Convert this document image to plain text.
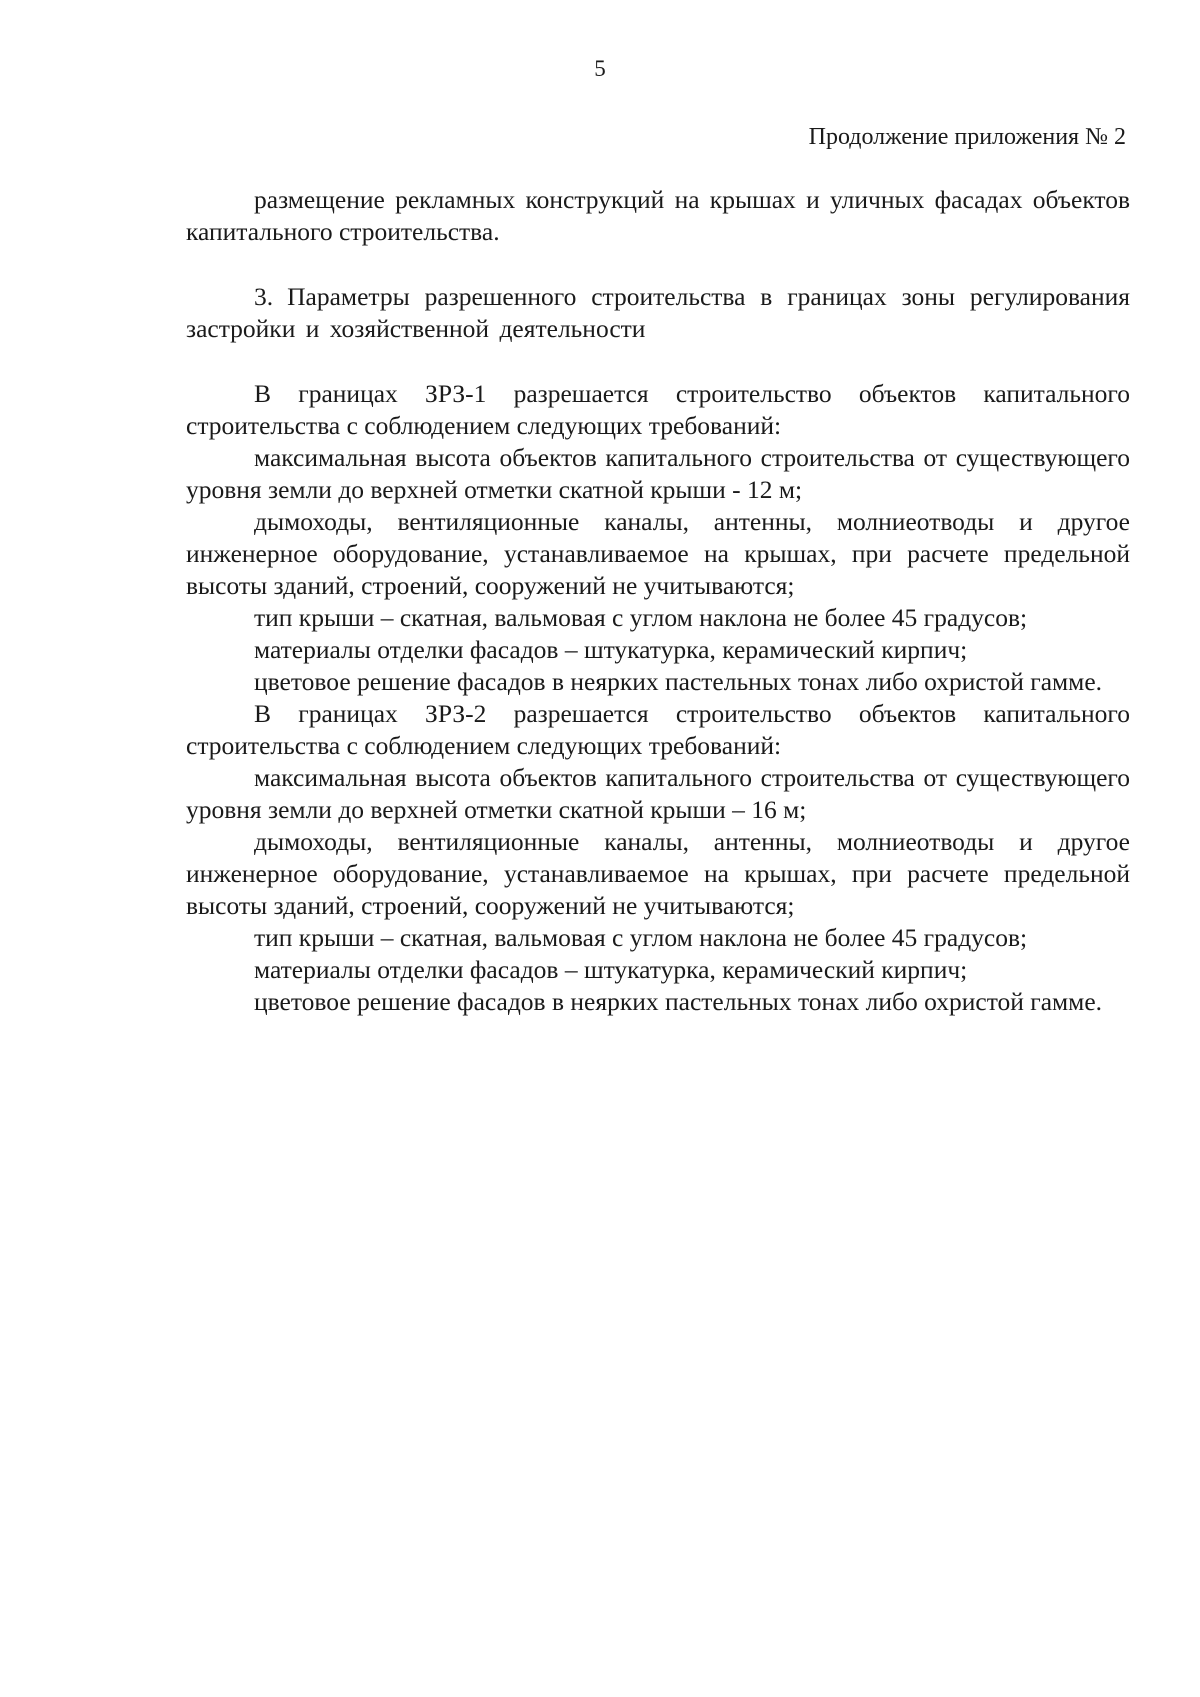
5
Продолжение приложения № 2

размещение рекламных конструкций на крышах и уличных фасадах объектов капитального строительства.

3. Параметры разрешенного строительства в границах зоны регулирования застройки и хозяйственной деятельности

В границах ЗРЗ-1 разрешается строительство объектов капитального строительства с соблюдением следующих требований:

максимальная высота объектов капитального строительства от существующего уровня земли до верхней отметки скатной крыши - 12 м;

дымоходы, вентиляционные каналы, антенны, молниеотводы и другое инженерное оборудование, устанавливаемое на крышах, при расчете предельной высоты зданий, строений, сооружений не учитываются;

тип крыши – скатная, вальмовая с углом наклона не более 45 градусов;

материалы отделки фасадов – штукатурка, керамический кирпич;

цветовое решение фасадов в неярких пастельных тонах либо охристой гамме.

В границах ЗРЗ-2 разрешается строительство объектов капитального строительства с соблюдением следующих требований:

максимальная высота объектов капитального строительства от существующего уровня земли до верхней отметки скатной крыши – 16 м;

дымоходы, вентиляционные каналы, антенны, молниеотводы и другое инженерное оборудование, устанавливаемое на крышах, при расчете предельной высоты зданий, строений, сооружений не учитываются;

тип крыши – скатная, вальмовая с углом наклона не более 45 градусов;

материалы отделки фасадов – штукатурка, керамический кирпич;

цветовое решение фасадов в неярких пастельных тонах либо охристой гамме.
